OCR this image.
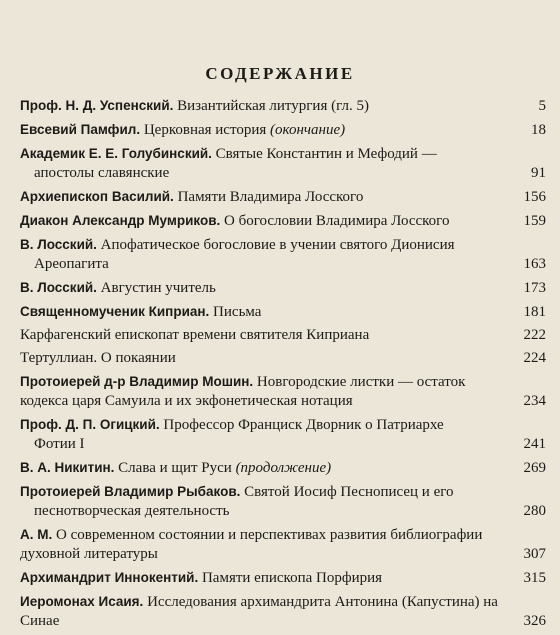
СОДЕРЖАНИЕ
Проф. Н. Д. Успенский. Византийская литургия (гл. 5)	5
Евсевий Памфил. Церковная история (окончание)	18
Академик Е. Е. Голубинский. Святые Константин и Мефодий —
апостолы славянские	91
Архиепископ Василий. Памяти Владимира Лосского	156
Диакон Александр Мумриков. О богословии Владимира Лосского	159
В. Лосский. Апофатическое богословие в учении святого Дионисия
Ареопагита	163
В. Лосский. Августин учитель	173
Священномученик Киприан. Письма	181
Карфагенский епископат времени святителя Киприана	222
Тертуллиан. О покаянии	224
Протоиерей д-р Владимир Мошин. Новгородские листки — остаток кодекса царя Самуила и их экфонетическая нотация	234
Проф. Д. П. Огицкий. Профессор Франциск Дворник о Патриархе
Фотии I	241
В. А. Никитин. Слава и щит Руси (продолжение)	269
Протоиерей Владимир Рыбаков. Святой Иосиф Песнописец и его
песнотворческая деятельность	280
А. М. О современном состоянии и перспективах развития библиографии духовной литературы	307
Архимандрит Иннокентий. Памяти епископа Порфирия	315
Иеромонах Исаия. Исследования архимандрита Антонина (Капустина) на Синае	326
